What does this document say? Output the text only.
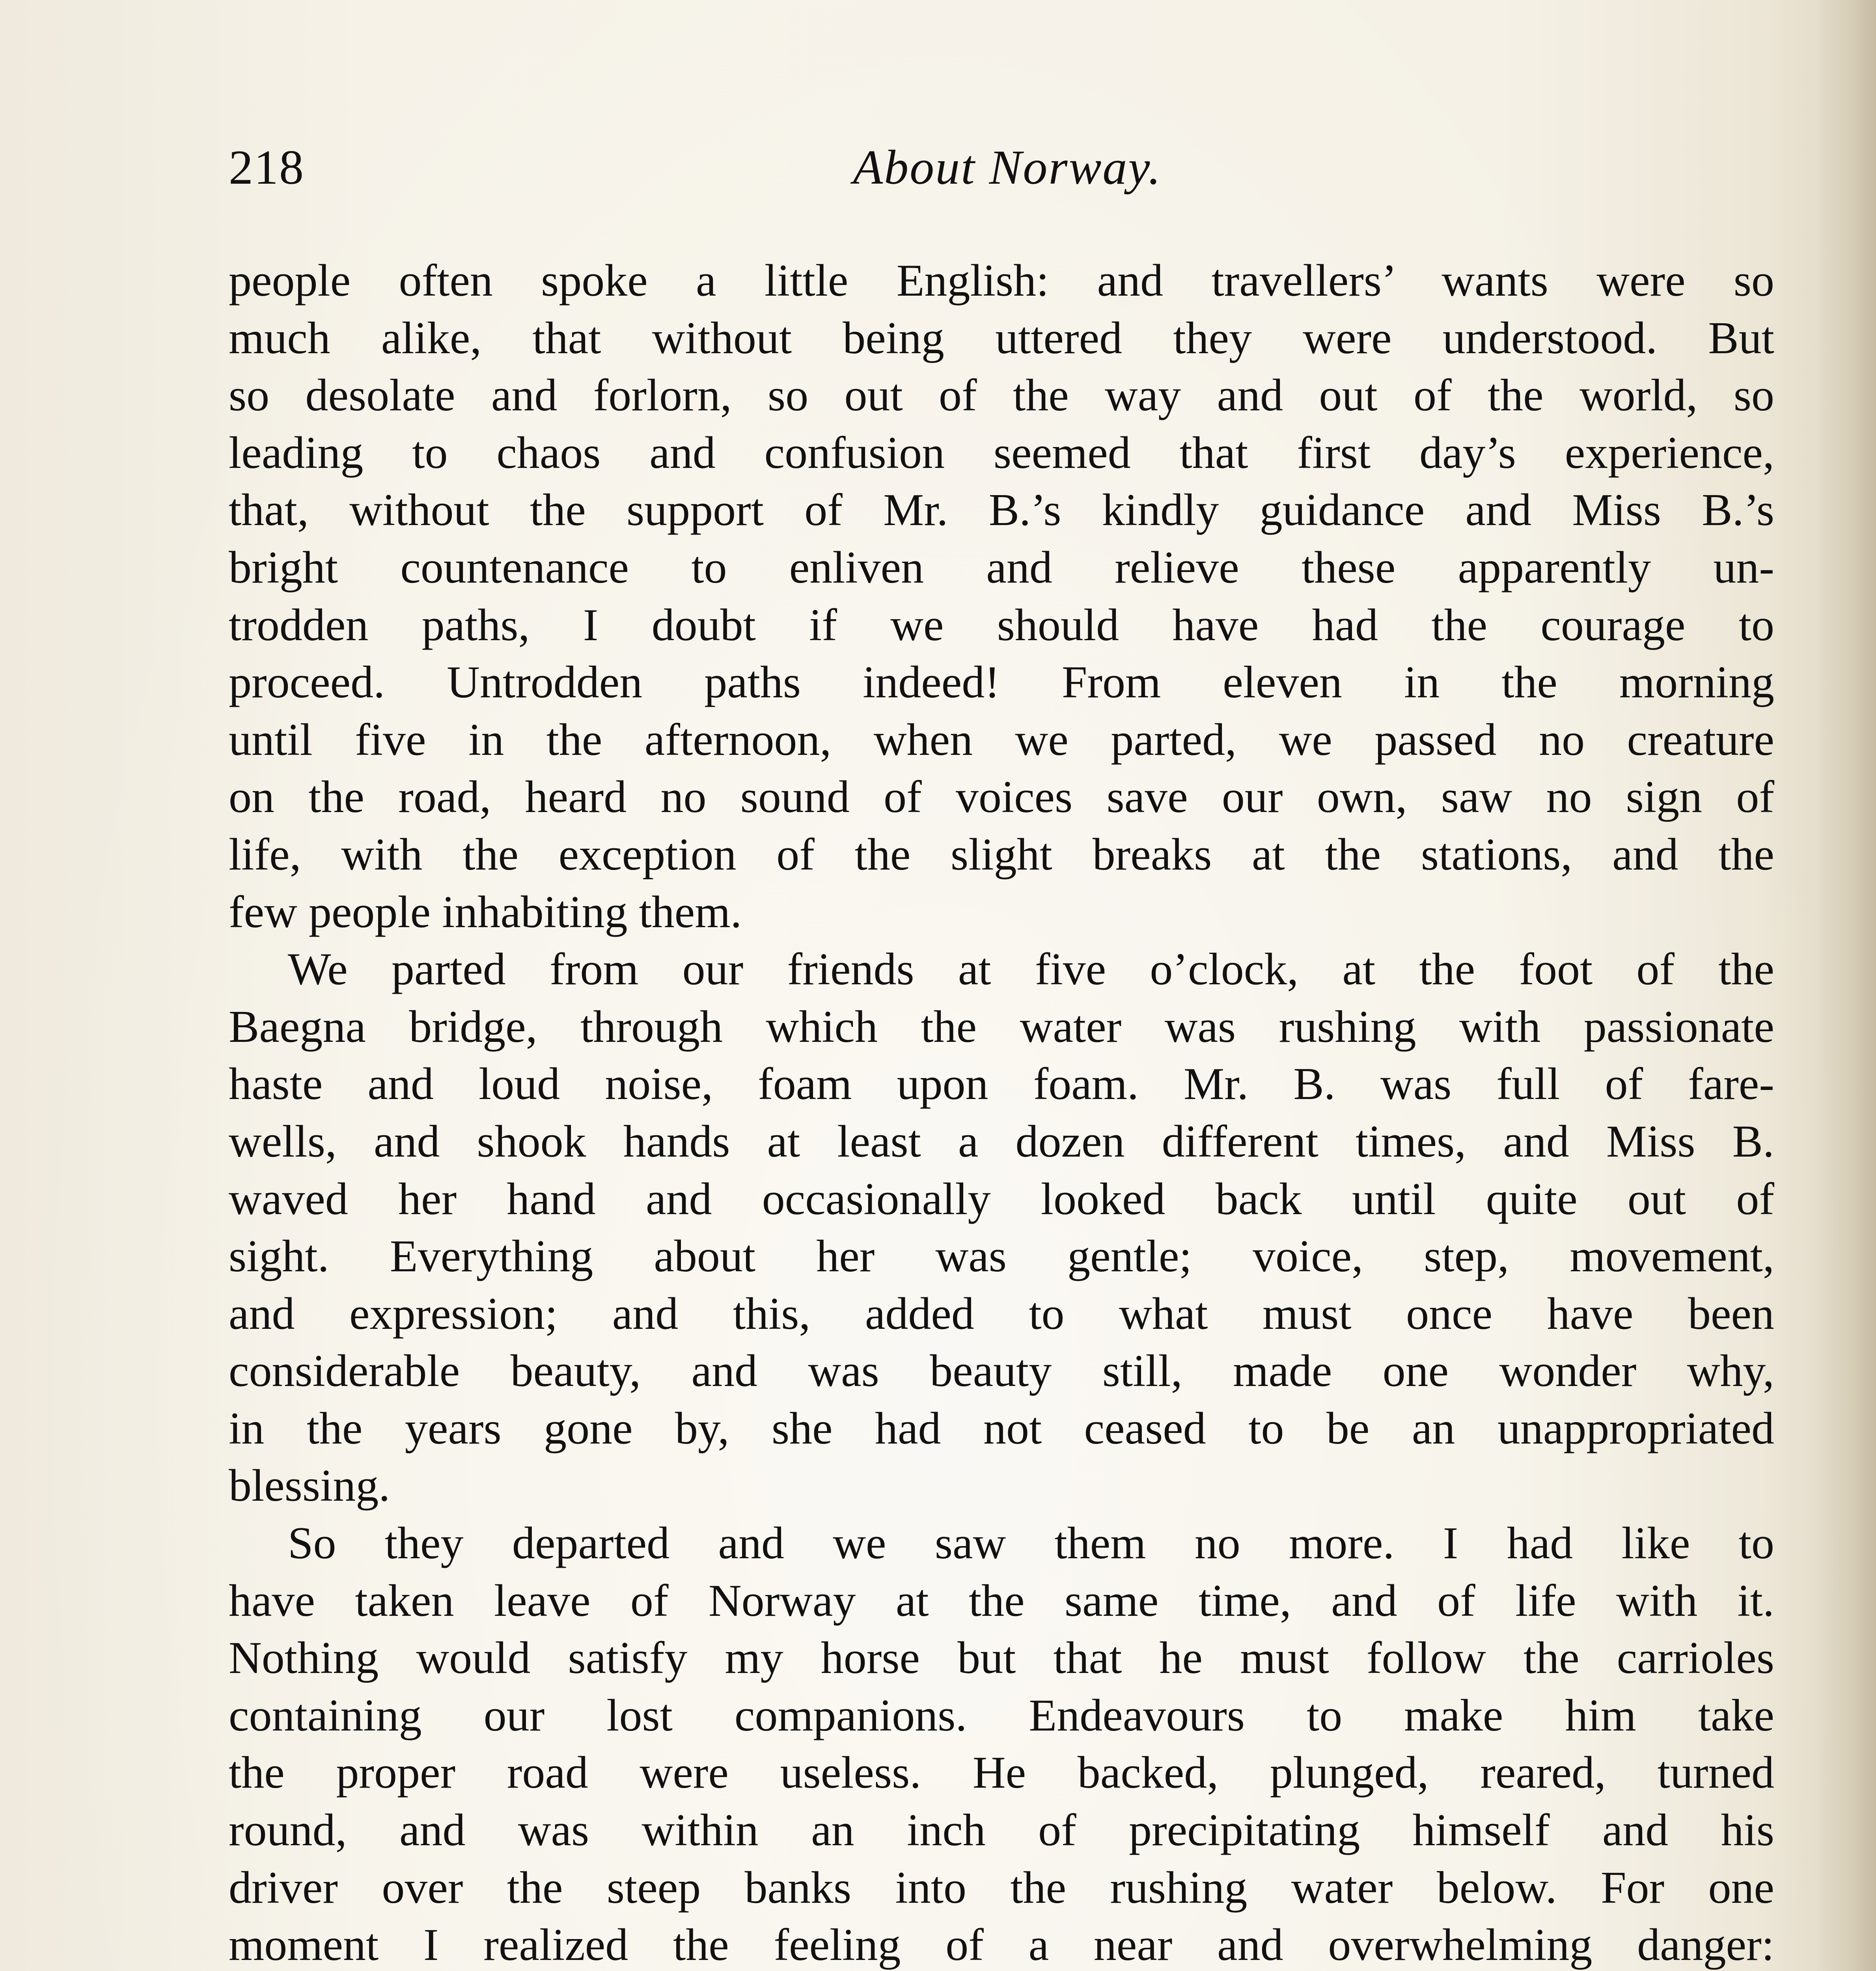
218	About Norway.
people often spoke a little English: and travellers’ wants were so
much alike, that without being uttered they were understood. But
so desolate and forlorn, so out of the way and out of the world, so
leading to chaos and confusion seemed that first day’s experience,
that, without the support of Mr. B.’s kindly guidance and Miss B.’s
bright countenance to enliven and relieve these apparently un-
trodden paths, I doubt if we should have had the courage to
proceed. Untrodden paths indeed! From eleven in the morning
until five in the afternoon, when we parted, we passed no creature
on the road, heard no sound of voices save our own, saw no sign of
life, with the exception of the slight breaks at the stations, and the
few people inhabiting them.
We parted from our friends at five o’clock, at the foot of the
Baegna bridge, through which the water was rushing with passionate
haste and loud noise, foam upon foam. Mr. B. was full of fare-
wells, and shook hands at least a dozen different times, and Miss B.
waved her hand and occasionally looked back until quite out of
sight. Everything about her was gentle; voice, step, movement,
and expression; and this, added to what must once have been
considerable beauty, and was beauty still, made one wonder why,
in the years gone by, she had not ceased to be an unappropriated
blessing.
So they departed and we saw them no more. I had like to
have taken leave of Norway at the same time, and of life with it.
Nothing would satisfy my horse but that he must follow the carrioles
containing our lost companions. Endeavours to make him take
the proper road were useless. He backed, plunged, reared, turned
round, and was within an inch of precipitating himself and his
driver over the steep banks into the rushing water below. For one
moment I realized the feeling of a near and overwhelming danger:
